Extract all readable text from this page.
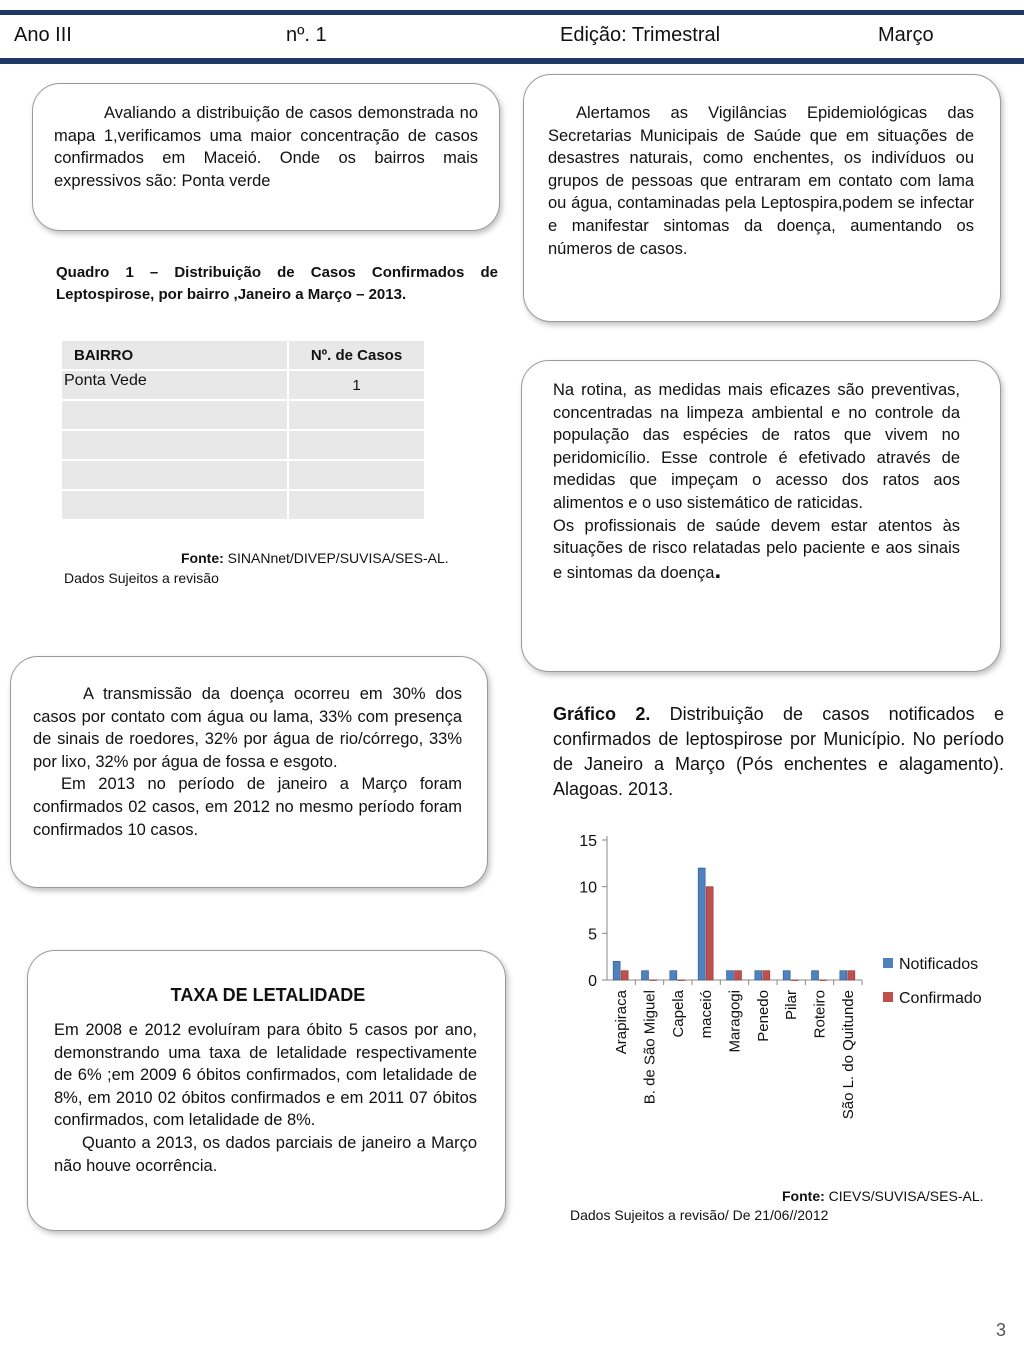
Ano III	nº. 1	Edição: Trimestral	Março

Avaliando a distribuição de casos demonstrada no mapa 1,verificamos uma maior concentração de casos confirmados em Maceió. Onde os bairros mais expressivos são: Ponta verde

Alertamos as Vigilâncias Epidemiológicas das Secretarias Municipais de Saúde que em situações de desastres naturais, como enchentes, os indivíduos ou grupos de pessoas que entraram em contato com lama ou água, contaminadas pela Leptospira,podem se infectar e manifestar sintomas da doença, aumentando os números de casos.

Quadro 1 – Distribuição de Casos Confirmados de Leptospirose, por bairro ,Janeiro a Março – 2013.
BAIRRO	Nº. de Casos
Ponta Vede	1

Fonte: SINANnet/DIVEP/SUVISA/SES-AL.
Dados Sujeitos a revisão

Na rotina, as medidas mais eficazes são preventivas, concentradas na limpeza ambiental e no controle da população das espécies de ratos que vivem no peridomicílio. Esse controle é efetivado através de medidas que impeçam o acesso dos ratos aos alimentos e o uso sistemático de raticidas.

Os profissionais de saúde devem estar atentos às situações de risco relatadas pelo paciente e aos sinais e sintomas da doença.

A transmissão da doença ocorreu em 30% dos casos por contato com água ou lama, 33% com presença de sinais de roedores, 32% por água de rio/córrego, 33% por lixo, 32% por água de fossa e esgoto.

Em 2013 no período de janeiro a Março foram confirmados 02 casos, em 2012 no mesmo período foram confirmados 10 casos.

Gráfico 2. Distribuição de casos notificados e confirmados de leptospirose por Município. No período de Janeiro a Março (Pós enchentes e alagamento). Alagoas. 2013.
0
5
10
15
Arapiraca B. de São Miguel Capela maceió Maragogi Penedo Pilar Roteiro São L. do Quitunde
Notificados
Confirmado
Fonte: CIEVS/SUVISA/SES-AL.
Dados Sujeitos a revisão/ De 21/06//2012
TAXA DE LETALIDADE

Em 2008 e 2012 evoluíram para óbito 5 casos por ano, demonstrando uma taxa de letalidade respectivamente de 6% ;em 2009 6 óbitos confirmados, com letalidade de 8%, em 2010 02 óbitos confirmados e em 2011 07 óbitos confirmados, com letalidade de 8%.

Quanto a 2013, os dados parciais de janeiro a Março não houve ocorrência.

3
